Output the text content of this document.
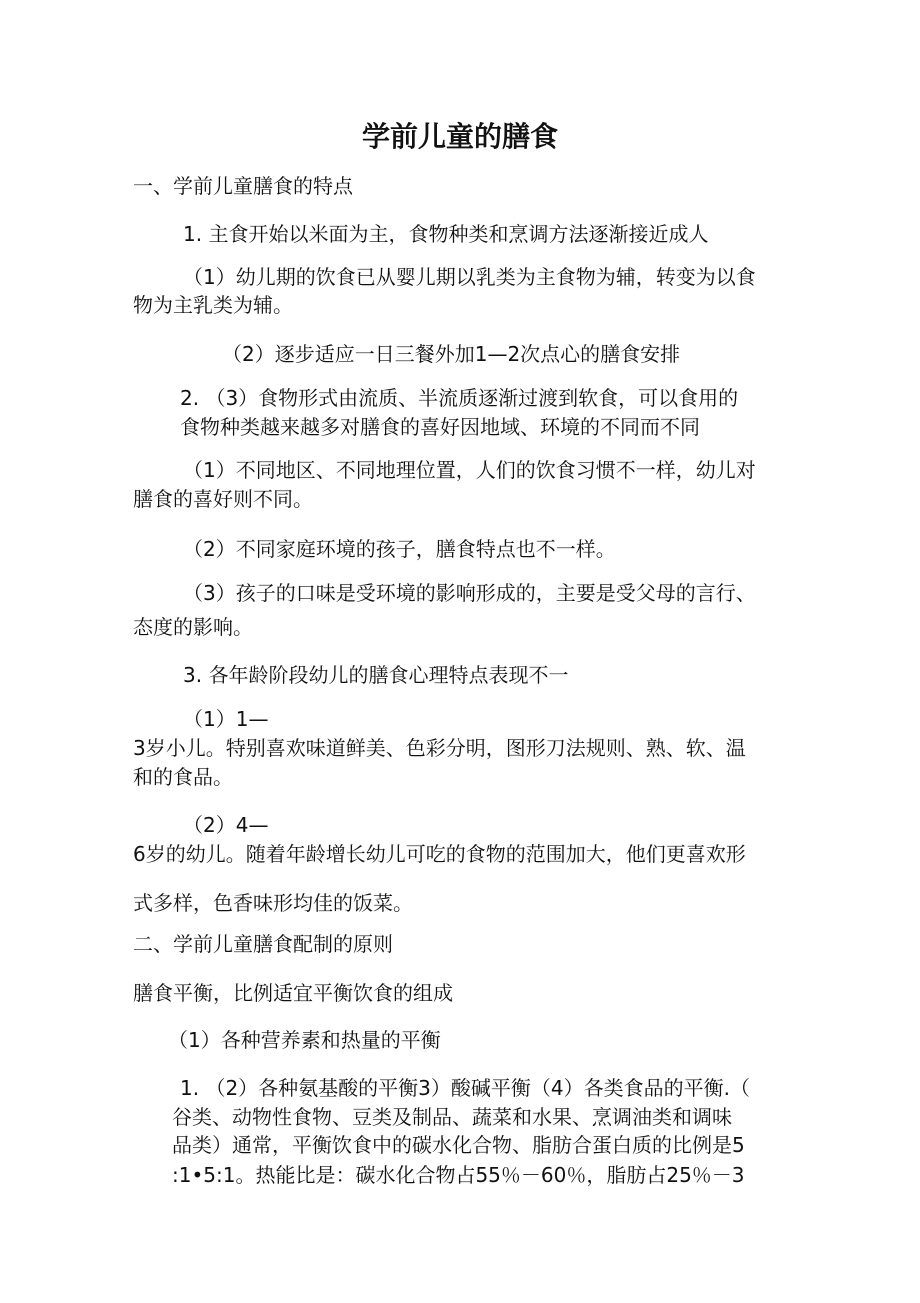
学前儿童的膳食
一、学前儿童膳食的特点
1. 主食开始以米面为主，食物种类和烹调方法逐渐接近成人
（1）幼儿期的饮食已从婴儿期以乳类为主食物为辅，转变为以食
物为主乳类为辅。
（2）逐步适应一日三餐外加1—2次点心的膳食安排
2. （3）食物形式由流质、半流质逐渐过渡到软食，可以食用的
食物种类越来越多对膳食的喜好因地域、环境的不同而不同
（1）不同地区、不同地理位置，人们的饮食习惯不一样，幼儿对
膳食的喜好则不同。
（2）不同家庭环境的孩子，膳食特点也不一样。
（3）孩子的口味是受环境的影响形成的，主要是受父母的言行、
态度的影响。
3. 各年龄阶段幼儿的膳食心理特点表现不一
（1）1—
3岁小儿。特别喜欢味道鲜美、色彩分明，图形刀法规则、熟、软、温
和的食品。
（2）4—
6岁的幼儿。随着年龄增长幼儿可吃的食物的范围加大，他们更喜欢形
式多样，色香味形均佳的饭菜。
二、学前儿童膳食配制的原则
膳食平衡，比例适宜平衡饮食的组成
（1）各种营养素和热量的平衡
1. （2）各种氨基酸的平衡3）酸碱平衡（4）各类食品的平衡.（
谷类、动物性食物、豆类及制品、蔬菜和水果、烹调油类和调味
品类）通常，平衡饮食中的碳水化合物、脂肪合蛋白质的比例是5
:1•5:1。热能比是：碳水化合物占55％－60％，脂肪占25％－3
